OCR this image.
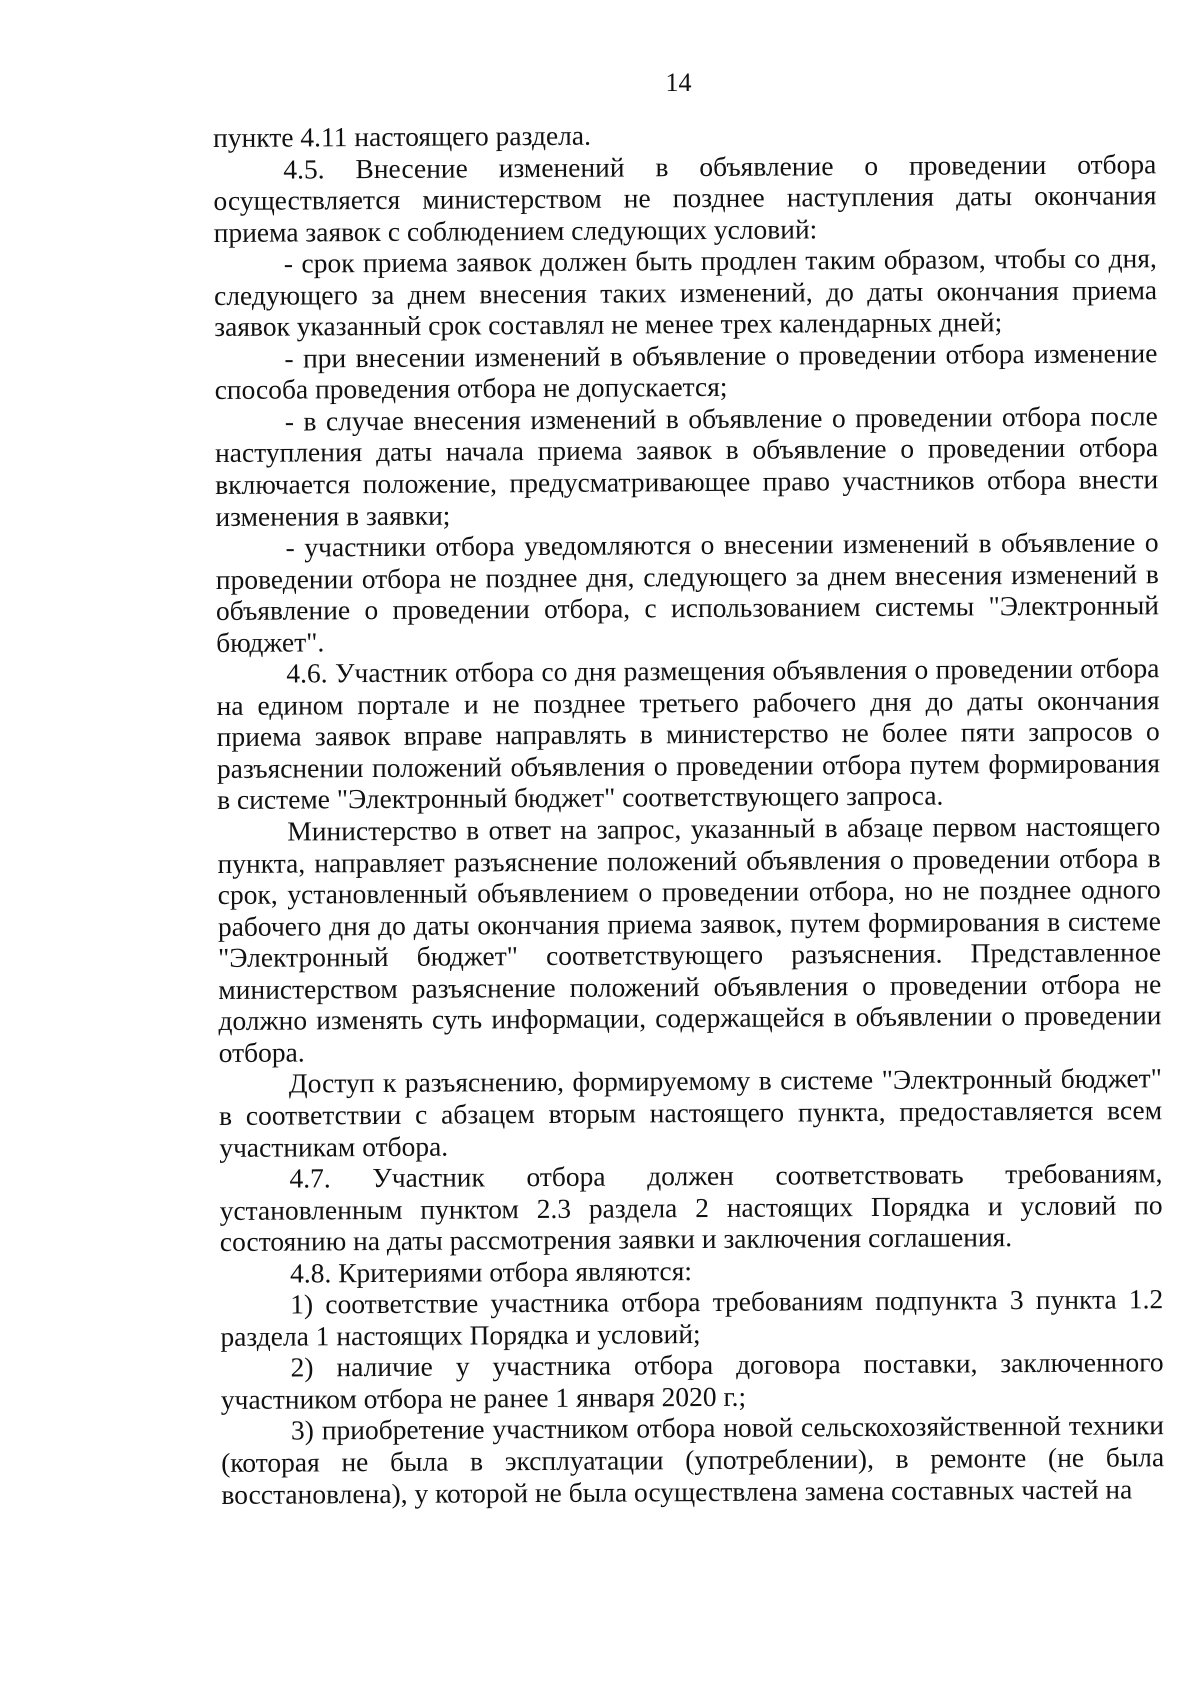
14

пункте 4.11 настоящего раздела.

4.5. Внесение изменений в объявление о проведении отбора осуществляется министерством не позднее наступления даты окончания приема заявок с соблюдением следующих условий:

- срок приема заявок должен быть продлен таким образом, чтобы со дня, следующего за днем внесения таких изменений, до даты окончания приема заявок указанный срок составлял не менее трех календарных дней;

- при внесении изменений в объявление о проведении отбора изменение способа проведения отбора не допускается;

- в случае внесения изменений в объявление о проведении отбора после наступления даты начала приема заявок в объявление о проведении отбора включается положение, предусматривающее право участников отбора внести изменения в заявки;

- участники отбора уведомляются о внесении изменений в объявление о проведении отбора не позднее дня, следующего за днем внесения изменений в объявление о проведении отбора, с использованием системы "Электронный бюджет".

4.6. Участник отбора со дня размещения объявления о проведении отбора на едином портале и не позднее третьего рабочего дня до даты окончания приема заявок вправе направлять в министерство не более пяти запросов о разъяснении положений объявления о проведении отбора путем формирования в системе "Электронный бюджет" соответствующего запроса.

Министерство в ответ на запрос, указанный в абзаце первом настоящего пункта, направляет разъяснение положений объявления о проведении отбора в срок, установленный объявлением о проведении отбора, но не позднее одного рабочего дня до даты окончания приема заявок, путем формирования в системе "Электронный бюджет" соответствующего разъяснения. Представленное министерством разъяснение положений объявления о проведении отбора не должно изменять суть информации, содержащейся в объявлении о проведении отбора.

Доступ к разъяснению, формируемому в системе "Электронный бюджет" в соответствии с абзацем вторым настоящего пункта, предоставляется всем участникам отбора.

4.7. Участник отбора должен соответствовать требованиям, установленным пунктом 2.3 раздела 2 настоящих Порядка и условий по состоянию на даты рассмотрения заявки и заключения соглашения.

4.8. Критериями отбора являются:

1) соответствие участника отбора требованиям подпункта 3 пункта 1.2 раздела 1 настоящих Порядка и условий;

2) наличие у участника отбора договора поставки, заключенного участником отбора не ранее 1 января 2020 г.;

3) приобретение участником отбора новой сельскохозяйственной техники (которая не была в эксплуатации (употреблении), в ремонте (не была восстановлена), у которой не была осуществлена замена составных частей на
